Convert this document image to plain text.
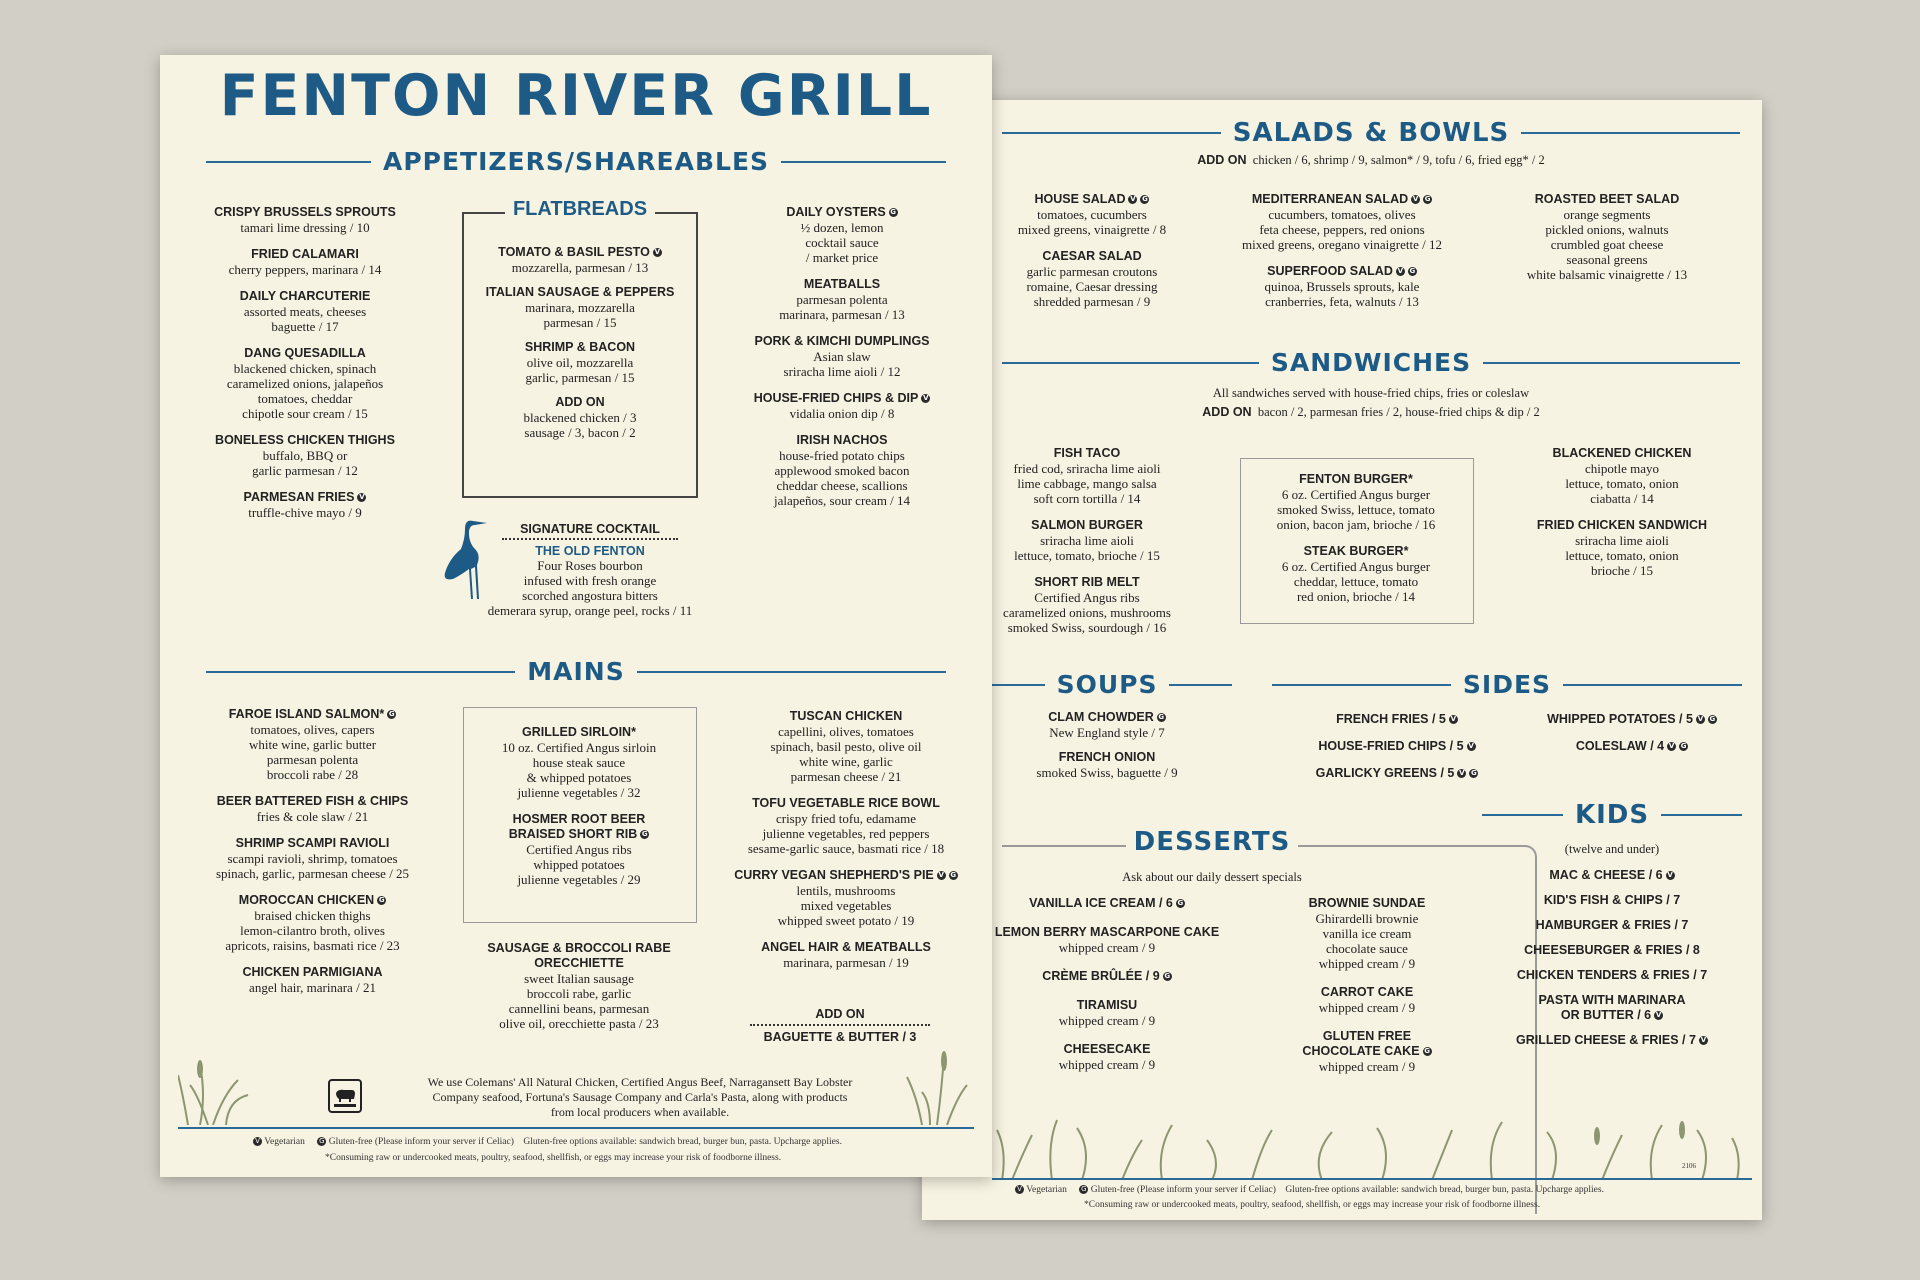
SALADS & BOWLS
ADD ON chicken / 6, shrimp / 9, salmon* / 9, tofu / 6, fried egg* / 2
HOUSE SALAD V G
tomatoes, cucumbers
mixed greens, vinaigrette / 8
CAESAR SALAD
garlic parmesan croutons
romaine, Caesar dressing
shredded parmesan / 9
MEDITERRANEAN SALAD V G
cucumbers, tomatoes, olives
feta cheese, peppers, red onions
mixed greens, oregano vinaigrette / 12
SUPERFOOD SALAD V G
quinoa, Brussels sprouts, kale
cranberries, feta, walnuts / 13
ROASTED BEET SALAD
orange segments
pickled onions, walnuts
crumbled goat cheese
seasonal greens
white balsamic vinaigrette / 13
SANDWICHES
All sandwiches served with house-fried chips, fries or coleslaw
ADD ON bacon / 2, parmesan fries / 2, house-fried chips & dip / 2
FISH TACO
fried cod, sriracha lime aioli
lime cabbage, mango salsa
soft corn tortilla / 14
SALMON BURGER
sriracha lime aioli
lettuce, tomato, brioche / 15
SHORT RIB MELT
Certified Angus ribs
caramelized onions, mushrooms
smoked Swiss, sourdough / 16
FENTON BURGER*
6 oz. Certified Angus burger
smoked Swiss, lettuce, tomato
onion, bacon jam, brioche / 16
STEAK BURGER*
6 oz. Certified Angus burger
cheddar, lettuce, tomato
red onion, brioche / 14
BLACKENED CHICKEN
chipotle mayo
lettuce, tomato, onion
ciabatta / 14
FRIED CHICKEN SANDWICH
sriracha lime aioli
lettuce, tomato, onion
brioche / 15
SOUPS
CLAM CHOWDER G
New England style / 7
FRENCH ONION
smoked Swiss, baguette / 9
SIDES
FRENCH FRIES / 5 V
HOUSE-FRIED CHIPS / 5 V
GARLICKY GREENS / 5 V G
WHIPPED POTATOES / 5 V G
COLESLAW / 4 V G
DESSERTS
Ask about our daily dessert specials
VANILLA ICE CREAM / 6 G
LEMON BERRY MASCARPONE CAKE
whipped cream / 9
CRÈME BRÛLÉE / 9 G
TIRAMISU
whipped cream / 9
CHEESECAKE
whipped cream / 9
BROWNIE SUNDAE
Ghirardelli brownie
vanilla ice cream
chocolate sauce
whipped cream / 9
CARROT CAKE
whipped cream / 9
GLUTEN FREE
CHOCOLATE CAKE G
whipped cream / 9
KIDS
(twelve and under)
MAC & CHEESE / 6 V
KID'S FISH & CHIPS / 7
HAMBURGER & FRIES / 7
CHEESEBURGER & FRIES / 8
CHICKEN TENDERS & FRIES / 7
PASTA WITH MARINARA
OR BUTTER / 6 V
GRILLED CHEESE & FRIES / 7 V
2106
V Vegetarian G Gluten-free (Please inform your server if Celiac) Gluten-free options available: sandwich bread, burger bun, pasta. Upcharge applies.
*Consuming raw or undercooked meats, poultry, seafood, shellfish, or eggs may increase your risk of foodborne illness.
FENTON RIVER GRILL
APPETIZERS/SHAREABLES
CRISPY BRUSSELS SPROUTS
tamari lime dressing / 10
FRIED CALAMARI
cherry peppers, marinara / 14
DAILY CHARCUTERIE
assorted meats, cheeses
baguette / 17
DANG QUESADILLA
blackened chicken, spinach
caramelized onions, jalapeños
tomatoes, cheddar
chipotle sour cream / 15
BONELESS CHICKEN THIGHS
buffalo, BBQ or
garlic parmesan / 12
PARMESAN FRIES V
truffle-chive mayo / 9
FLATBREADS
TOMATO & BASIL PESTO V
mozzarella, parmesan / 13
ITALIAN SAUSAGE & PEPPERS
marinara, mozzarella
parmesan / 15
SHRIMP & BACON
olive oil, mozzarella
garlic, parmesan / 15
ADD ON
blackened chicken / 3
sausage / 3, bacon / 2
DAILY OYSTERS G
½ dozen, lemon
cocktail sauce
/ market price
MEATBALLS
parmesan polenta
marinara, parmesan / 13
PORK & KIMCHI DUMPLINGS
Asian slaw
sriracha lime aioli / 12
HOUSE-FRIED CHIPS & DIP V
vidalia onion dip / 8
IRISH NACHOS
house-fried potato chips
applewood smoked bacon
cheddar cheese, scallions
jalapeños, sour cream / 14
SIGNATURE COCKTAIL
THE OLD FENTON
Four Roses bourbon
infused with fresh orange
scorched angostura bitters
demerara syrup, orange peel, rocks / 11
MAINS
FAROE ISLAND SALMON* G
tomatoes, olives, capers
white wine, garlic butter
parmesan polenta
broccoli rabe / 28
BEER BATTERED FISH & CHIPS
fries & cole slaw / 21
SHRIMP SCAMPI RAVIOLI
scampi ravioli, shrimp, tomatoes
spinach, garlic, parmesan cheese / 25
MOROCCAN CHICKEN G
braised chicken thighs
lemon-cilantro broth, olives
apricots, raisins, basmati rice / 23
CHICKEN PARMIGIANA
angel hair, marinara / 21
GRILLED SIRLOIN*
10 oz. Certified Angus sirloin
house steak sauce
& whipped potatoes
julienne vegetables / 32
HOSMER ROOT BEER
BRAISED SHORT RIB G
Certified Angus ribs
whipped potatoes
julienne vegetables / 29
SAUSAGE & BROCCOLI RABE
ORECCHIETTE
sweet Italian sausage
broccoli rabe, garlic
cannellini beans, parmesan
olive oil, orecchiette pasta / 23
TUSCAN CHICKEN
capellini, olives, tomatoes
spinach, basil pesto, olive oil
white wine, garlic
parmesan cheese / 21
TOFU VEGETABLE RICE BOWL
crispy fried tofu, edamame
julienne vegetables, red peppers
sesame-garlic sauce, basmati rice / 18
CURRY VEGAN SHEPHERD'S PIE V G
lentils, mushrooms
mixed vegetables
whipped sweet potato / 19
ANGEL HAIR & MEATBALLS
marinara, parmesan / 19
ADD ON
BAGUETTE & BUTTER / 3
We use Colemans' All Natural Chicken, Certified Angus Beef, Narragansett Bay Lobster
Company seafood, Fortuna's Sausage Company and Carla's Pasta, along with products
from local producers when available.
V Vegetarian G Gluten-free (Please inform your server if Celiac) Gluten-free options available: sandwich bread, burger bun, pasta. Upcharge applies.
*Consuming raw or undercooked meats, poultry, seafood, shellfish, or eggs may increase your risk of foodborne illness.
